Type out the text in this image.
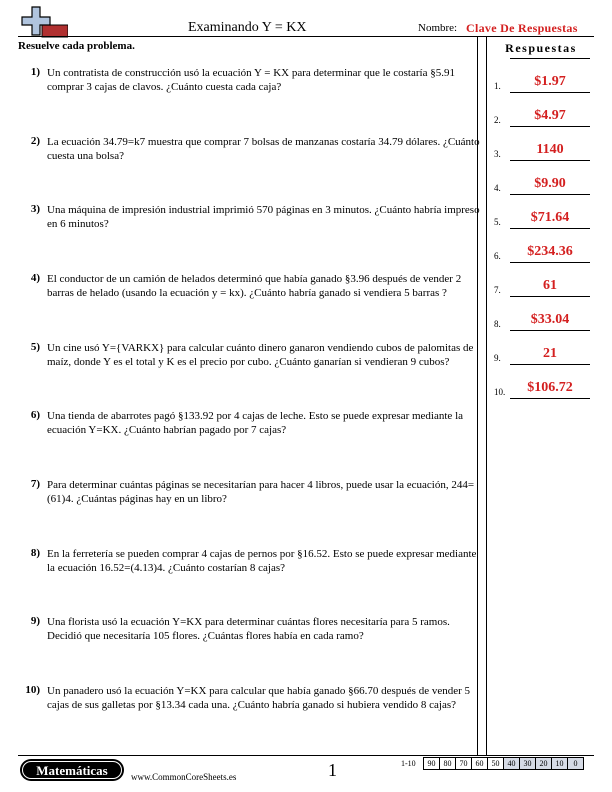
Examinando Y = KX	Nombre: Clave De Respuestas
Resuelve cada problema.	Respuestas
1) Un contratista de construcción usó la ecuación Y = KX para determinar que le costaría §5.91 comprar 3 cajas de clavos. ¿Cuánto cuesta cada caja?
2) La ecuación 34.79=k7 muestra que comprar 7 bolsas de manzanas costaría 34.79 dólares. ¿Cuánto cuesta una bolsa?
3) Una máquina de impresión industrial imprimió 570 páginas en 3 minutos. ¿Cuánto habría impreso en 6 minutos?
4) El conductor de un camión de helados determinó que había ganado §3.96 después de vender 2 barras de helado (usando la ecuación y = kx). ¿Cuánto habría ganado si vendiera 5 barras ?
5) Un cine usó Y={VARKX} para calcular cuánto dinero ganaron vendiendo cubos de palomitas de maíz, donde Y es el total y K es el precio por cubo. ¿Cuánto ganarían si vendieran 9 cubos?
6) Una tienda de abarrotes pagó §133.92 por 4 cajas de leche. Esto se puede expresar mediante la ecuación Y=KX. ¿Cuánto habrían pagado por 7 cajas?
7) Para determinar cuántas páginas se necesitarían para hacer 4 libros, puede usar la ecuación, 244=(61)4. ¿Cuántas páginas hay en un libro?
8) En la ferretería se pueden comprar 4 cajas de pernos por §16.52. Esto se puede expresar mediante la ecuación 16.52=(4.13)4. ¿Cuánto costarían 8 cajas?
9) Una florista usó la ecuación Y=KX para determinar cuántas flores necesitaría para 5 ramos. Decidió que necesitaría 105 flores. ¿Cuántas flores había en cada ramo?
10) Un panadero usó la ecuación Y=KX para calcular que había ganado §66.70 después de vender 5 cajas de sus galletas por §13.34 cada una. ¿Cuánto habría ganado si hubiera vendido 8 cajas?
1.	$1.97
2.	$4.97
3.	1140
4.	$9.90
5.	$71.64
6.	$234.36
7.	61
8.	$33.04
9.	21
10.	$106.72
Matemáticas	www.CommonCoreSheets.es	1	1-10	90	80	70	60	50	40	30	20	10	0
